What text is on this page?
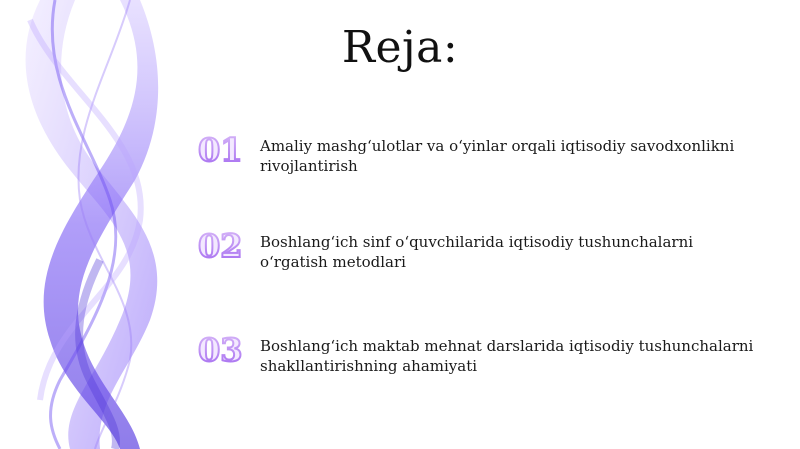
Reja:
01 Amaliy mashg‘ulotlar va o‘yinlar orqali iqtisodiy savodxonlikni rivojlantirish
02 Boshlang‘ich sinf o‘quvchilarida iqtisodiy tushunchalarni o‘rgatish metodlari
03 Boshlang‘ich maktab mehnat darslarida iqtisodiy tushunchalarni shakllantirishning ahamiyati
